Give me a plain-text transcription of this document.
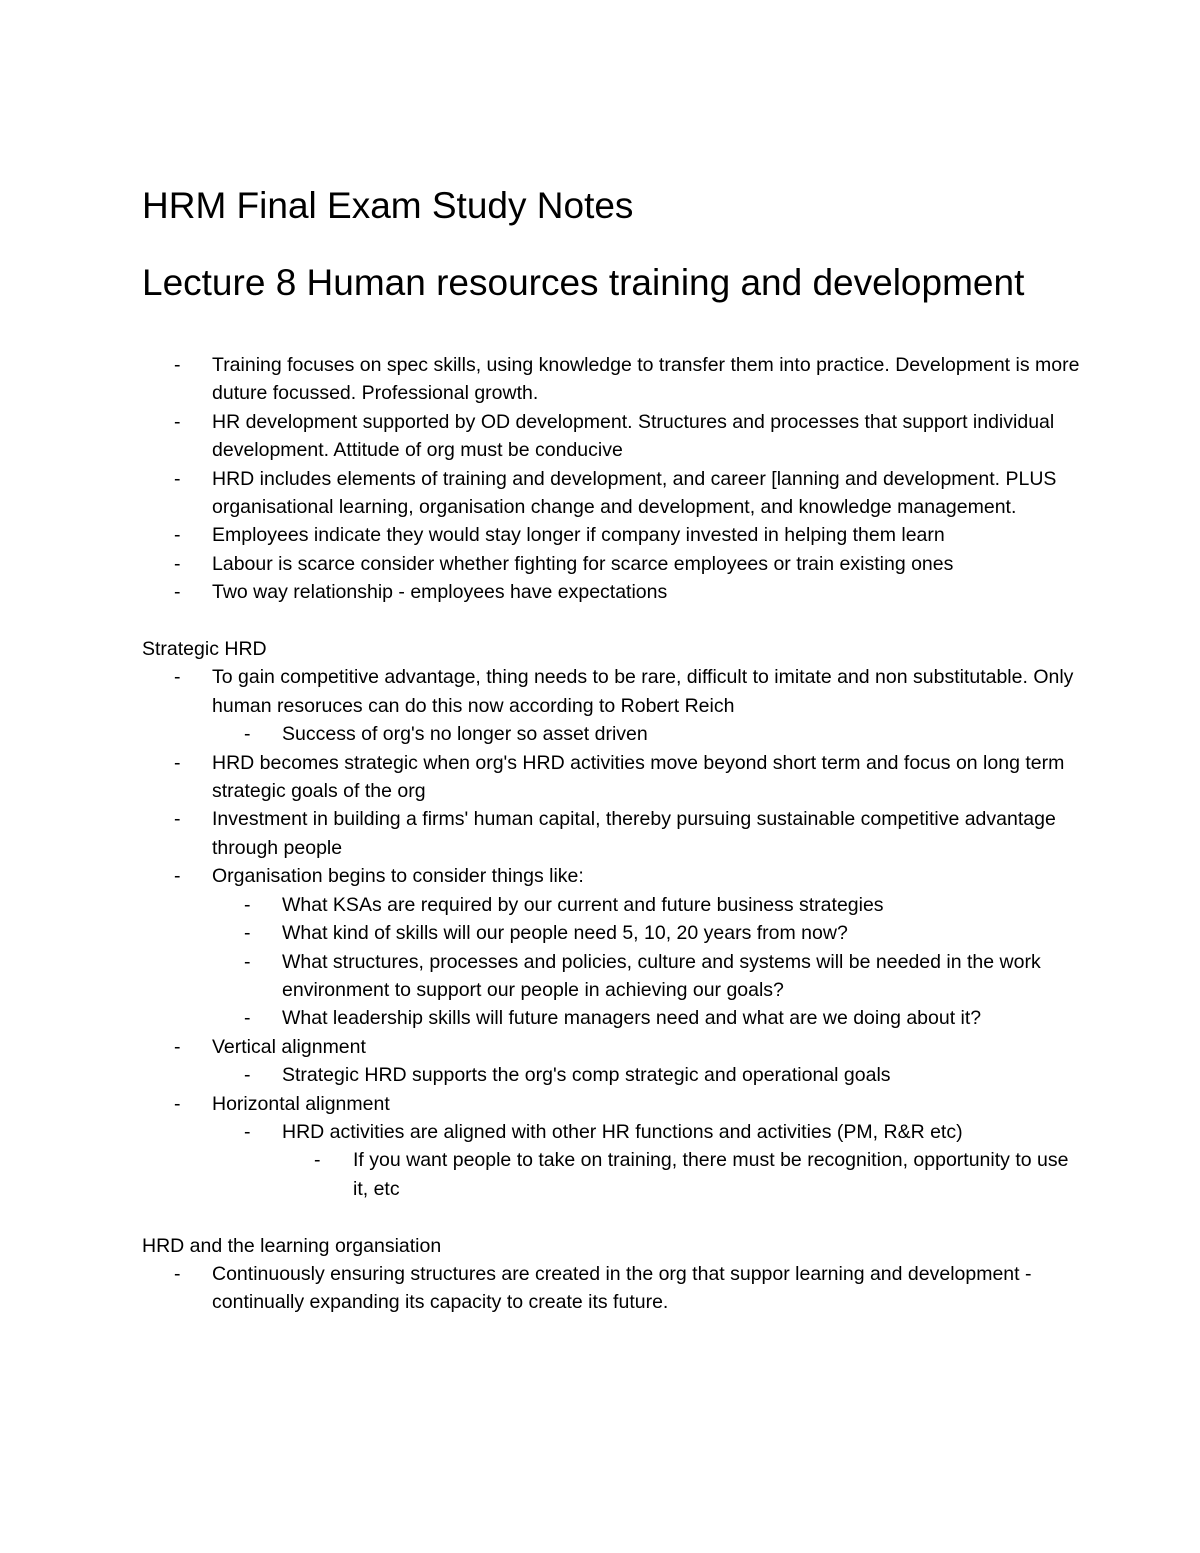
HRM Final Exam Study Notes
Lecture 8 Human resources training and development
- Training focuses on spec skills, using knowledge to transfer them into practice. Development is more duture focussed. Professional growth.
- HR development supported by OD development. Structures and processes that support individual development. Attitude of org must be conducive
- HRD includes elements of training and development, and career [lanning and development. PLUS organisational learning, organisation change and development, and knowledge management.
- Employees indicate they would stay longer if company invested in helping them learn
- Labour is scarce consider whether fighting for scarce employees or train existing ones
- Two way relationship - employees have expectations

Strategic HRD

- To gain competitive advantage, thing needs to be rare, difficult to imitate and non substitutable. Only human resoruces can do this now according to Robert Reich
- Success of org's no longer so asset driven
- HRD becomes strategic when org's HRD activities move beyond short term and focus on long term strategic goals of the org
- Investment in building a firms' human capital, thereby pursuing sustainable competitive advantage through people
- Organisation begins to consider things like:
- What KSAs are required by our current and future business strategies
- What kind of skills will our people need 5, 10, 20 years from now?
- What structures, processes and policies, culture and systems will be needed in the work environment to support our people in achieving our goals?
- What leadership skills will future managers need and what are we doing about it?
- Vertical alignment
- Strategic HRD supports the org's comp strategic and operational goals
- Horizontal alignment
- HRD activities are aligned with other HR functions and activities (PM, R&R etc)
- If you want people to take on training, there must be recognition, opportunity to use it, etc

HRD and the learning organsiation

- Continuously ensuring structures are created in the org that suppor learning and development - continually expanding its capacity to create its future.
